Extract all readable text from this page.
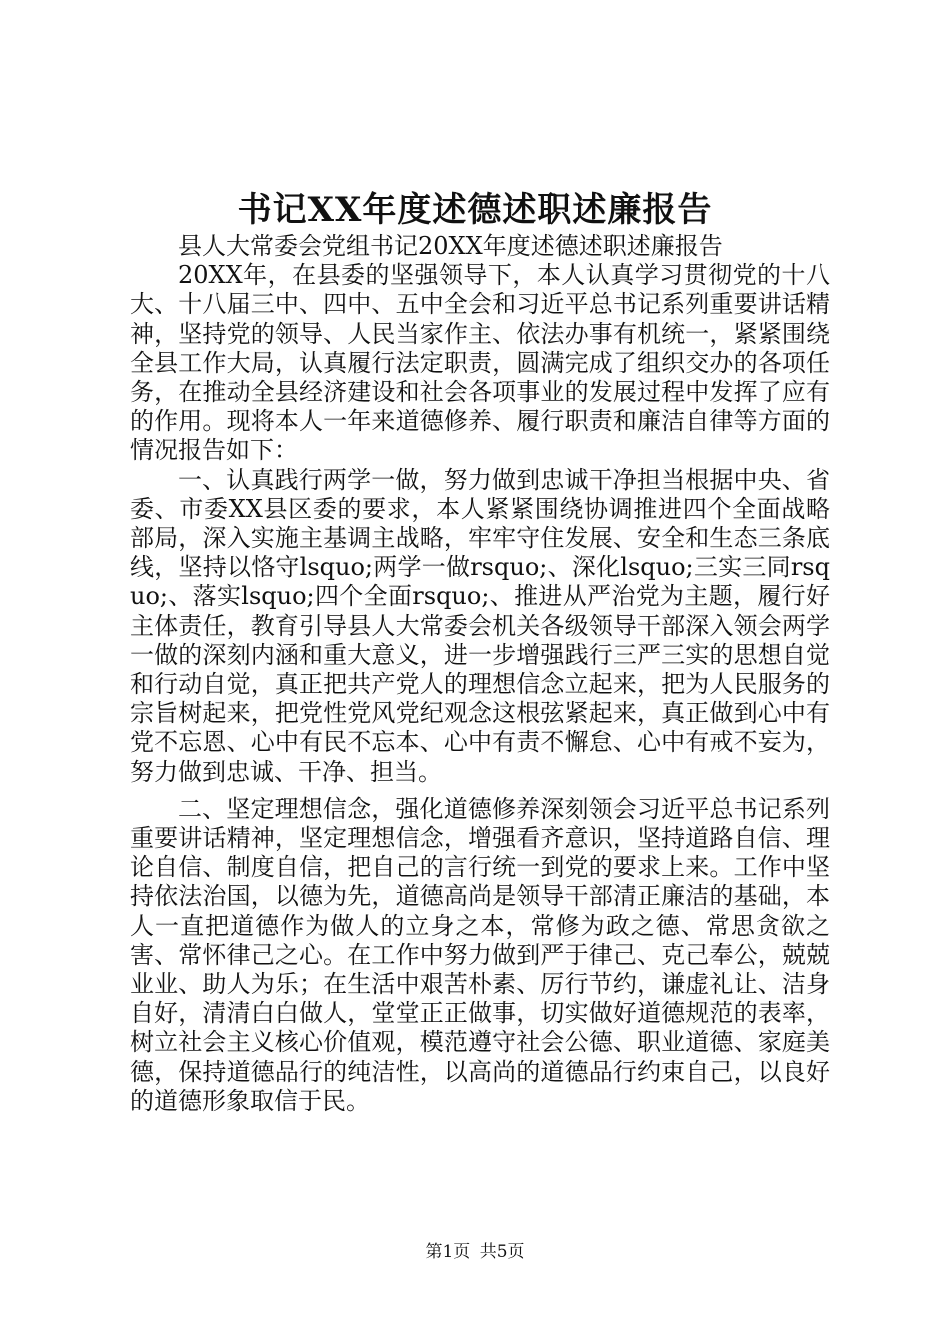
书记XX年度述德述职述廉报告

县人大常委会党组书记20XX年度述德述职述廉报告

20XX年，在县委的坚强领导下，本人认真学习贯彻党的十八大、十八届三中、四中、五中全会和习近平总书记系列重要讲话精神，坚持党的领导、人民当家作主、依法办事有机统一，紧紧围绕全县工作大局，认真履行法定职责，圆满完成了组织交办的各项任务，在推动全县经济建设和社会各项事业的发展过程中发挥了应有的作用。现将本人一年来道德修养、履行职责和廉洁自律等方面的情况报告如下：

一、认真践行两学一做，努力做到忠诚干净担当根据中央、省委、市委XX县区委的要求，本人紧紧围绕协调推进四个全面战略部局，深入实施主基调主战略，牢牢守住发展、安全和生态三条底线，坚持以恪守lsquo;两学一做rsquo;、深化lsquo;三实三同rsquo;、落实lsquo;四个全面rsquo;、推进从严治党为主题，履行好主体责任，教育引导县人大常委会机关各级领导干部深入领会两学一做的深刻内涵和重大意义，进一步增强践行三严三实的思想自觉和行动自觉，真正把共产党人的理想信念立起来，把为人民服务的宗旨树起来，把党性党风党纪观念这根弦紧起来，真正做到心中有党不忘恩、心中有民不忘本、心中有责不懈怠、心中有戒不妄为，努力做到忠诚、干净、担当。

二、坚定理想信念，强化道德修养深刻领会习近平总书记系列重要讲话精神，坚定理想信念，增强看齐意识，坚持道路自信、理论自信、制度自信，把自己的言行统一到党的要求上来。工作中坚持依法治国，以德为先，道德高尚是领导干部清正廉洁的基础，本人一直把道德作为做人的立身之本，常修为政之德、常思贪欲之害、常怀律己之心。在工作中努力做到严于律己、克己奉公，兢兢业业、助人为乐；在生活中艰苦朴素、厉行节约，谦虚礼让、洁身自好，清清白白做人，堂堂正正做事，切实做好道德规范的表率，树立社会主义核心价值观，模范遵守社会公德、职业道德、家庭美德，保持道德品行的纯洁性，以高尚的道德品行约束自己，以良好的道德形象取信于民。

第1页 共5页
